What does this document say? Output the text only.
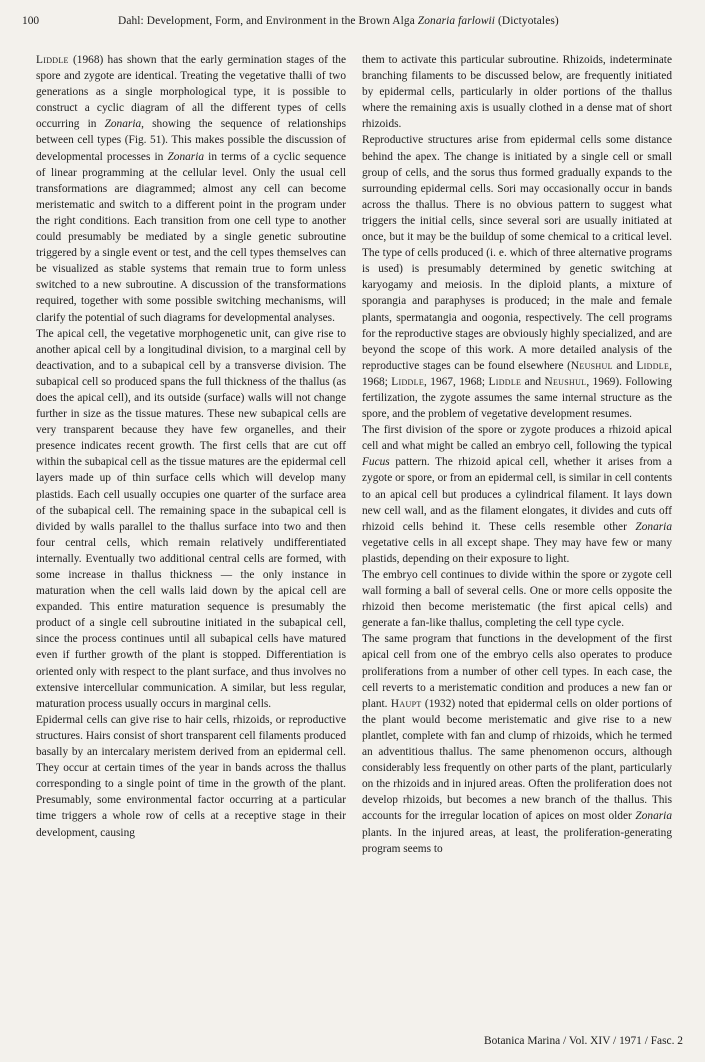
100	Dahl: Development, Form, and Environment in the Brown Alga Zonaria farlowii (Dictyotales)

Liddle (1968) has shown that the early germination stages of the spore and zygote are identical. Treating the vegetative thalli of two generations as a single morphological type, it is possible to construct a cyclic diagram of all the different types of cells occurring in Zonaria, showing the sequence of relationships between cell types (Fig. 51). This makes possible the discussion of developmental processes in Zonaria in terms of a cyclic sequence of linear programming at the cellular level. Only the usual cell transformations are diagrammed; almost any cell can become meristematic and switch to a different point in the program under the right conditions. Each transition from one cell type to another could presumably be mediated by a single genetic subroutine triggered by a single event or test, and the cell types themselves can be visualized as stable systems that remain true to form unless switched to a new subroutine. A discussion of the transformations required, together with some possible switching mechanisms, will clarify the potential of such diagrams for developmental analyses.

The apical cell, the vegetative morphogenetic unit, can give rise to another apical cell by a longitudinal division, to a marginal cell by deactivation, and to a subapical cell by a transverse division. The subapical cell so produced spans the full thickness of the thallus (as does the apical cell), and its outside (surface) walls will not change further in size as the tissue matures. These new subapical cells are very transparent because they have few organelles, and their presence indicates recent growth. The first cells that are cut off within the subapical cell as the tissue matures are the epidermal cell layers made up of thin surface cells which will develop many plastids. Each cell usually occupies one quarter of the surface area of the subapical cell. The remaining space in the subapical cell is divided by walls parallel to the thallus surface into two and then four central cells, which remain relatively undifferentiated internally. Eventually two additional central cells are formed, with some increase in thallus thickness — the only instance in maturation when the cell walls laid down by the apical cell are expanded. This entire maturation sequence is presumably the product of a single cell subroutine initiated in the subapical cell, since the process continues until all subapical cells have matured even if further growth of the plant is stopped. Differentiation is oriented only with respect to the plant surface, and thus involves no extensive intercellular communication. A similar, but less regular, maturation process usually occurs in marginal cells.

Epidermal cells can give rise to hair cells, rhizoids, or reproductive structures. Hairs consist of short transparent cell filaments produced basally by an intercalary meristem derived from an epidermal cell. They occur at certain times of the year in bands across the thallus corresponding to a single point of time in the growth of the plant. Presumably, some environmental factor occurring at a particular time triggers a whole row of cells at a receptive stage in their development, causing

them to activate this particular subroutine. Rhizoids, indeterminate branching filaments to be discussed below, are frequently initiated by epidermal cells, particularly in older portions of the thallus where the remaining axis is usually clothed in a dense mat of short rhizoids.

Reproductive structures arise from epidermal cells some distance behind the apex. The change is initiated by a single cell or small group of cells, and the sorus thus formed gradually expands to the surrounding epidermal cells. Sori may occasionally occur in bands across the thallus. There is no obvious pattern to suggest what triggers the initial cells, since several sori are usually initiated at once, but it may be the buildup of some chemical to a critical level. The type of cells produced (i. e. which of three alternative programs is used) is presumably determined by genetic switching at karyogamy and meiosis. In the diploid plants, a mixture of sporangia and paraphyses is produced; in the male and female plants, spermatangia and oogonia, respectively. The cell programs for the reproductive stages are obviously highly specialized, and are beyond the scope of this work. A more detailed analysis of the reproductive stages can be found elsewhere (Neushul and Liddle, 1968; Liddle, 1967, 1968; Liddle and Neushul, 1969). Following fertilization, the zygote assumes the same internal structure as the spore, and the problem of vegetative development resumes.

The first division of the spore or zygote produces a rhizoid apical cell and what might be called an embryo cell, following the typical Fucus pattern. The rhizoid apical cell, whether it arises from a zygote or spore, or from an epidermal cell, is similar in cell contents to an apical cell but produces a cylindrical filament. It lays down new cell wall, and as the filament elongates, it divides and cuts off rhizoid cells behind it. These cells resemble other Zonaria vegetative cells in all except shape. They may have few or many plastids, depending on their exposure to light.

The embryo cell continues to divide within the spore or zygote cell wall forming a ball of several cells. One or more cells opposite the rhizoid then become meristematic (the first apical cells) and generate a fan-like thallus, completing the cell type cycle.

The same program that functions in the development of the first apical cell from one of the embryo cells also operates to produce proliferations from a number of other cell types. In each case, the cell reverts to a meristematic condition and produces a new fan or plant. Haupt (1932) noted that epidermal cells on older portions of the plant would become meristematic and give rise to a new plantlet, complete with fan and clump of rhizoids, which he termed an adventitious thallus. The same phenomenon occurs, although considerably less frequently on other parts of the plant, particularly on the rhizoids and in injured areas. Often the proliferation does not develop rhizoids, but becomes a new branch of the thallus. This accounts for the irregular location of apices on most older Zonaria plants. In the injured areas, at least, the proliferation-generating program seems to

Botanica Marina / Vol. XIV / 1971 / Fasc. 2
